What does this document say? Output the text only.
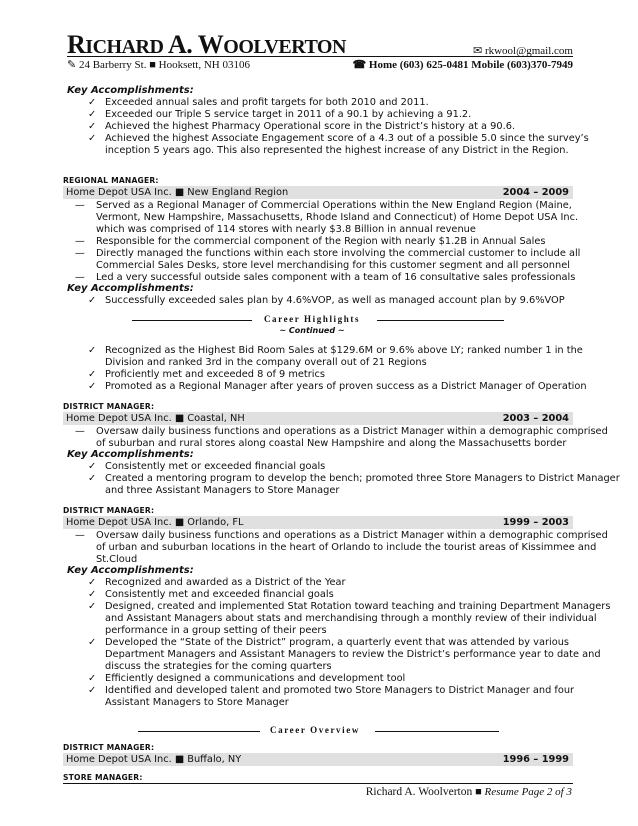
RICHARD A. WOOLVERTON	✉ rkwool@gmail.com
✎ 24 Barberry St. ■ Hooksett, NH 03106	☎ Home (603) 625-0481 Mobile (603)370-7949
Key Accomplishments:
✓ Exceeded annual sales and profit targets for both 2010 and 2011.
✓ Exceeded our Triple S service target in 2011 of a 90.1 by achieving a 91.2.
✓ Achieved the highest Pharmacy Operational score in the District’s history at a 90.6.
✓ Achieved the highest Associate Engagement score of a 4.3 out of a possible 5.0 since the survey’s
inception 5 years ago. This also represented the highest increase of any District in the Region.
REGIONAL MANAGER:
Home Depot USA Inc. ■ New England Region	2004 – 2009
— Served as a Regional Manager of Commercial Operations within the New England Region (Maine,
Vermont, New Hampshire, Massachusetts, Rhode Island and Connecticut) of Home Depot USA Inc.
which was comprised of 114 stores with nearly $3.8 Billion in annual revenue
— Responsible for the commercial component of the Region with nearly $1.2B in Annual Sales
— Directly managed the functions within each store involving the commercial customer to include all
Commercial Sales Desks, store level merchandising for this customer segment and all personnel
— Led a very successful outside sales component with a team of 16 consultative sales professionals
Key Accomplishments:
✓ Successfully exceeded sales plan by 4.6%VOP, as well as managed account plan by 9.6%VOP
Career Highlights
~ Continued ~
✓ Recognized as the Highest Bid Room Sales at $129.6M or 9.6% above LY; ranked number 1 in the
Division and ranked 3rd in the company overall out of 21 Regions
✓ Proficiently met and exceeded 8 of 9 metrics
✓ Promoted as a Regional Manager after years of proven success as a District Manager of Operation
DISTRICT MANAGER:
Home Depot USA Inc. ■ Coastal, NH	2003 – 2004
— Oversaw daily business functions and operations as a District Manager within a demographic comprised
of suburban and rural stores along coastal New Hampshire and along the Massachusetts border
Key Accomplishments:
✓ Consistently met or exceeded financial goals
✓ Created a mentoring program to develop the bench; promoted three Store Managers to District Manager
and three Assistant Managers to Store Manager
DISTRICT MANAGER:
Home Depot USA Inc. ■ Orlando, FL	1999 – 2003
— Oversaw daily business functions and operations as a District Manager within a demographic comprised
of urban and suburban locations in the heart of Orlando to include the tourist areas of Kissimmee and
St.Cloud
Key Accomplishments:
✓ Recognized and awarded as a District of the Year
✓ Consistently met and exceeded financial goals
✓ Designed, created and implemented Stat Rotation toward teaching and training Department Managers
and Assistant Managers about stats and merchandising through a monthly review of their individual
performance in a group setting of their peers
✓ Developed the “State of the District” program, a quarterly event that was attended by various
Department Managers and Assistant Managers to review the District’s performance year to date and
discuss the strategies for the coming quarters
✓ Efficiently designed a communications and development tool
✓ Identified and developed talent and promoted two Store Managers to District Manager and four
Assistant Managers to Store Manager
Career Overview
DISTRICT MANAGER:
Home Depot USA Inc. ■ Buffalo, NY	1996 – 1999
STORE MANAGER:
Richard A. Woolverton ■ Resume Page 2 of 3
